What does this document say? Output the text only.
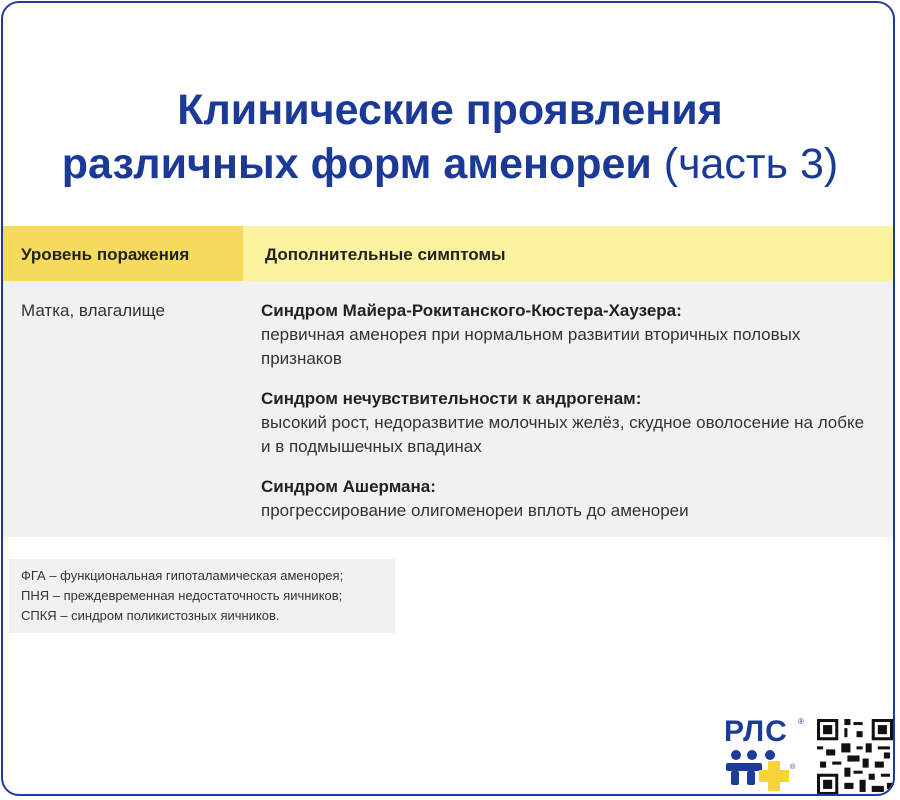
Клинические проявления
различных форм аменореи (часть 3)
Уровень поражения	Дополнительные симптомы
Матка, влагалище	Синдром Майера-Рокитанского-Кюстера-Хаузера:
первичная аменорея при нормальном развитии вторичных половых признаков
Синдром нечувствительности к андрогенам:
высокий рост, недоразвитие молочных желёз, скудное оволосение на лобке и в подмышечных впадинах
Синдром Ашермана:
прогрессирование олигоменореи вплоть до аменореи
ФГА – функциональная гипоталамическая аменорея;
ПНЯ – преждевременная недостаточность яичников;
СПКЯ – синдром поликистозных яичников.
РЛС ®
®
